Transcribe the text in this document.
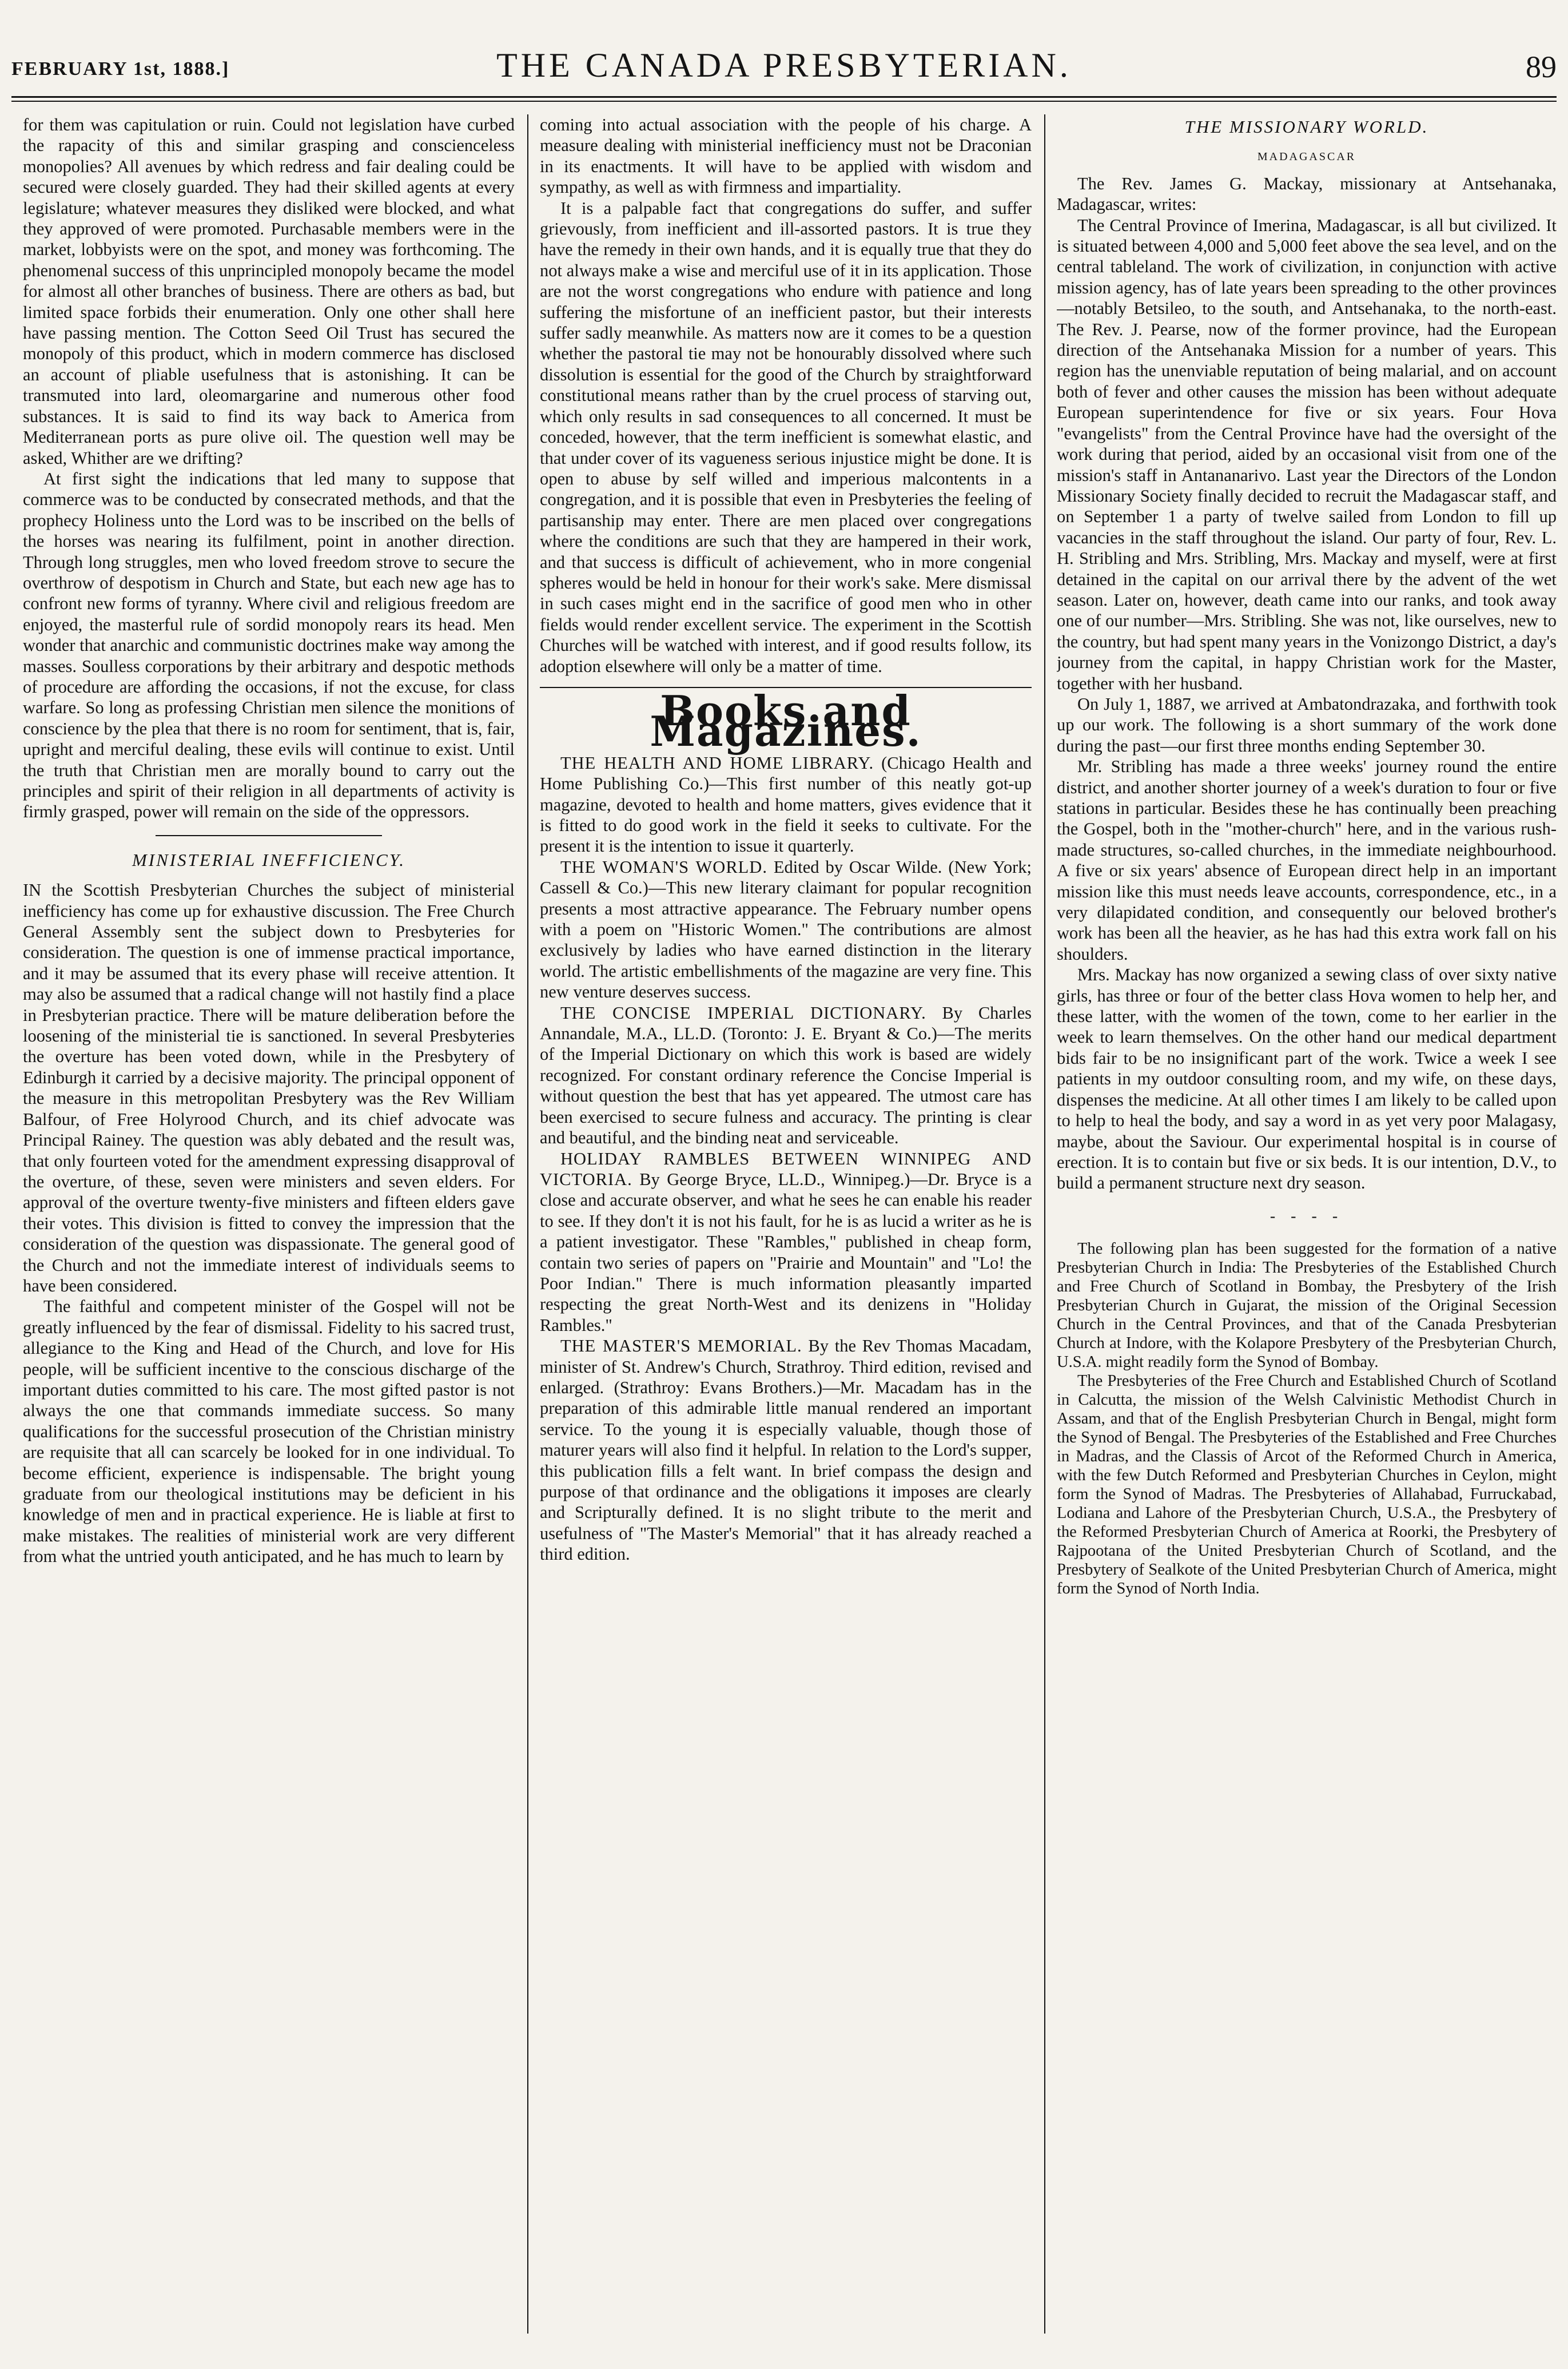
FEBRUARY 1st, 1888.]	THE CANADA PRESBYTERIAN.	89

for them was capitulation or ruin. Could not legislation have curbed the rapacity of this and similar grasping and conscienceless monopolies? All avenues by which redress and fair dealing could be secured were closely guarded. They had their skilled agents at every legislature; whatever measures they disliked were blocked, and what they approved of were promoted. Purchasable members were in the market, lobbyists were on the spot, and money was forthcoming. The phenomenal success of this unprincipled monopoly became the model for almost all other branches of business. There are others as bad, but limited space forbids their enumeration. Only one other shall here have passing mention. The Cotton Seed Oil Trust has secured the monopoly of this product, which in modern commerce has disclosed an account of pliable usefulness that is astonishing. It can be transmuted into lard, oleomargarine and numerous other food substances. It is said to find its way back to America from Mediterranean ports as pure olive oil. The question well may be asked, Whither are we drifting?

At first sight the indications that led many to suppose that commerce was to be conducted by consecrated methods, and that the prophecy Holiness unto the Lord was to be inscribed on the bells of the horses was nearing its fulfilment, point in another direction. Through long struggles, men who loved freedom strove to secure the overthrow of despotism in Church and State, but each new age has to confront new forms of tyranny. Where civil and religious freedom are enjoyed, the masterful rule of sordid monopoly rears its head. Men wonder that anarchic and communistic doctrines make way among the masses. Soulless corporations by their arbitrary and despotic methods of procedure are affording the occasions, if not the excuse, for class warfare. So long as professing Christian men silence the monitions of conscience by the plea that there is no room for sentiment, that is, fair, upright and merciful dealing, these evils will continue to exist. Until the truth that Christian men are morally bound to carry out the principles and spirit of their religion in all departments of activity is firmly grasped, power will remain on the side of the oppressors.

MINISTERIAL INEFFICIENCY.

IN the Scottish Presbyterian Churches the subject of ministerial inefficiency has come up for exhaustive discussion. The Free Church General Assembly sent the subject down to Presbyteries for consideration. The question is one of immense practical importance, and it may be assumed that its every phase will receive attention. It may also be assumed that a radical change will not hastily find a place in Presbyterian practice. There will be mature deliberation before the loosening of the ministerial tie is sanctioned. In several Presbyteries the overture has been voted down, while in the Presbytery of Edinburgh it carried by a decisive majority. The principal opponent of the measure in this metropolitan Presbytery was the Rev William Balfour, of Free Holyrood Church, and its chief advocate was Principal Rainey. The question was ably debated and the result was, that only fourteen voted for the amendment expressing disapproval of the overture, of these, seven were ministers and seven elders. For approval of the overture twenty-five ministers and fifteen elders gave their votes. This division is fitted to convey the impression that the consideration of the question was dispassionate. The general good of the Church and not the immediate interest of individuals seems to have been considered.

The faithful and competent minister of the Gospel will not be greatly influenced by the fear of dismissal. Fidelity to his sacred trust, allegiance to the King and Head of the Church, and love for His people, will be sufficient incentive to the conscious discharge of the important duties committed to his care. The most gifted pastor is not always the one that commands immediate success. So many qualifications for the successful prosecution of the Christian ministry are requisite that all can scarcely be looked for in one individual. To become efficient, experience is indispensable. The bright young graduate from our theological institutions may be deficient in his knowledge of men and in practical experience. He is liable at first to make mistakes. The realities of ministerial work are very different from what the untried youth anticipated, and he has much to learn by

coming into actual association with the people of his charge. A measure dealing with ministerial inefficiency must not be Draconian in its enactments. It will have to be applied with wisdom and sympathy, as well as with firmness and impartiality.

It is a palpable fact that congregations do suffer, and suffer grievously, from inefficient and ill-assorted pastors. It is true they have the remedy in their own hands, and it is equally true that they do not always make a wise and merciful use of it in its application. Those are not the worst congregations who endure with patience and long suffering the misfortune of an inefficient pastor, but their interests suffer sadly meanwhile. As matters now are it comes to be a question whether the pastoral tie may not be honourably dissolved where such dissolution is essential for the good of the Church by straightforward constitutional means rather than by the cruel process of starving out, which only results in sad consequences to all concerned. It must be conceded, however, that the term inefficient is somewhat elastic, and that under cover of its vagueness serious injustice might be done. It is open to abuse by self willed and imperious malcontents in a congregation, and it is possible that even in Presbyteries the feeling of partisanship may enter. There are men placed over congregations where the conditions are such that they are hampered in their work, and that success is difficult of achievement, who in more congenial spheres would be held in honour for their work's sake. Mere dismissal in such cases might end in the sacrifice of good men who in other fields would render excellent service. The experiment in the Scottish Churches will be watched with interest, and if good results follow, its adoption elsewhere will only be a matter of time.

Books and Magazines.

THE HEALTH AND HOME LIBRARY. (Chicago Health and Home Publishing Co.)—This first number of this neatly got-up magazine, devoted to health and home matters, gives evidence that it is fitted to do good work in the field it seeks to cultivate. For the present it is the intention to issue it quarterly.

THE WOMAN'S WORLD. Edited by Oscar Wilde. (New York; Cassell & Co.)—This new literary claimant for popular recognition presents a most attractive appearance. The February number opens with a poem on "Historic Women." The contributions are almost exclusively by ladies who have earned distinction in the literary world. The artistic embellishments of the magazine are very fine. This new venture deserves success.

THE CONCISE IMPERIAL DICTIONARY. By Charles Annandale, M.A., LL.D. (Toronto: J. E. Bryant & Co.)—The merits of the Imperial Dictionary on which this work is based are widely recognized. For constant ordinary reference the Concise Imperial is without question the best that has yet appeared. The utmost care has been exercised to secure fulness and accuracy. The printing is clear and beautiful, and the binding neat and serviceable.

HOLIDAY RAMBLES BETWEEN WINNIPEG AND VICTORIA. By George Bryce, LL.D., Winnipeg.)—Dr. Bryce is a close and accurate observer, and what he sees he can enable his reader to see. If they don't it is not his fault, for he is as lucid a writer as he is a patient investigator. These "Rambles," published in cheap form, contain two series of papers on "Prairie and Mountain" and "Lo! the Poor Indian." There is much information pleasantly imparted respecting the great North-West and its denizens in "Holiday Rambles."

THE MASTER'S MEMORIAL. By the Rev Thomas Macadam, minister of St. Andrew's Church, Strathroy. Third edition, revised and enlarged. (Strathroy: Evans Brothers.)—Mr. Macadam has in the preparation of this admirable little manual rendered an important service. To the young it is especially valuable, though those of maturer years will also find it helpful. In relation to the Lord's supper, this publication fills a felt want. In brief compass the design and purpose of that ordinance and the obligations it imposes are clearly and Scripturally defined. It is no slight tribute to the merit and usefulness of "The Master's Memorial" that it has already reached a third edition.

THE MISSIONARY WORLD.
MADAGASCAR

The Rev. James G. Mackay, missionary at Antsehanaka, Madagascar, writes:

The Central Province of Imerina, Madagascar, is all but civilized. It is situated between 4,000 and 5,000 feet above the sea level, and on the central tableland. The work of civilization, in conjunction with active mission agency, has of late years been spreading to the other provinces—notably Betsileo, to the south, and Antsehanaka, to the north-east. The Rev. J. Pearse, now of the former province, had the European direction of the Antsehanaka Mission for a number of years. This region has the unenviable reputation of being malarial, and on account both of fever and other causes the mission has been without adequate European superintendence for five or six years. Four Hova "evangelists" from the Central Province have had the oversight of the work during that period, aided by an occasional visit from one of the mission's staff in Antananarivo. Last year the Directors of the London Missionary Society finally decided to recruit the Madagascar staff, and on September 1 a party of twelve sailed from London to fill up vacancies in the staff throughout the island. Our party of four, Rev. L. H. Stribling and Mrs. Stribling, Mrs. Mackay and myself, were at first detained in the capital on our arrival there by the advent of the wet season. Later on, however, death came into our ranks, and took away one of our number—Mrs. Stribling. She was not, like ourselves, new to the country, but had spent many years in the Vonizongo District, a day's journey from the capital, in happy Christian work for the Master, together with her husband.

On July 1, 1887, we arrived at Ambatondrazaka, and forthwith took up our work. The following is a short summary of the work done during the past—our first three months ending September 30.

Mr. Stribling has made a three weeks' journey round the entire district, and another shorter journey of a week's duration to four or five stations in particular. Besides these he has continually been preaching the Gospel, both in the "mother-church" here, and in the various rush-made structures, so-called churches, in the immediate neighbourhood. A five or six years' absence of European direct help in an important mission like this must needs leave accounts, correspondence, etc., in a very dilapidated condition, and consequently our beloved brother's work has been all the heavier, as he has had this extra work fall on his shoulders.

Mrs. Mackay has now organized a sewing class of over sixty native girls, has three or four of the better class Hova women to help her, and these latter, with the women of the town, come to her earlier in the week to learn themselves. On the other hand our medical department bids fair to be no insignificant part of the work. Twice a week I see patients in my outdoor consulting room, and my wife, on these days, dispenses the medicine. At all other times I am likely to be called upon to help to heal the body, and say a word in as yet very poor Malagasy, maybe, about the Saviour. Our experimental hospital is in course of erection. It is to contain but five or six beds. It is our intention, D.V., to build a permanent structure next dry season.

- - - -

The following plan has been suggested for the formation of a native Presbyterian Church in India: The Presbyteries of the Established Church and Free Church of Scotland in Bombay, the Presbytery of the Irish Presbyterian Church in Gujarat, the mission of the Original Secession Church in the Central Provinces, and that of the Canada Presbyterian Church at Indore, with the Kolapore Presbytery of the Presbyterian Church, U.S.A. might readily form the Synod of Bombay.

The Presbyteries of the Free Church and Established Church of Scotland in Calcutta, the mission of the Welsh Calvinistic Methodist Church in Assam, and that of the English Presbyterian Church in Bengal, might form the Synod of Bengal. The Presbyteries of the Established and Free Churches in Madras, and the Classis of Arcot of the Reformed Church in America, with the few Dutch Reformed and Presbyterian Churches in Ceylon, might form the Synod of Madras. The Presbyteries of Allahabad, Furruckabad, Lodiana and Lahore of the Presbyterian Church, U.S.A., the Presbytery of the Reformed Presbyterian Church of America at Roorki, the Presbytery of Rajpootana of the United Presbyterian Church of Scotland, and the Presbytery of Sealkote of the United Presbyterian Church of America, might form the Synod of North India.
